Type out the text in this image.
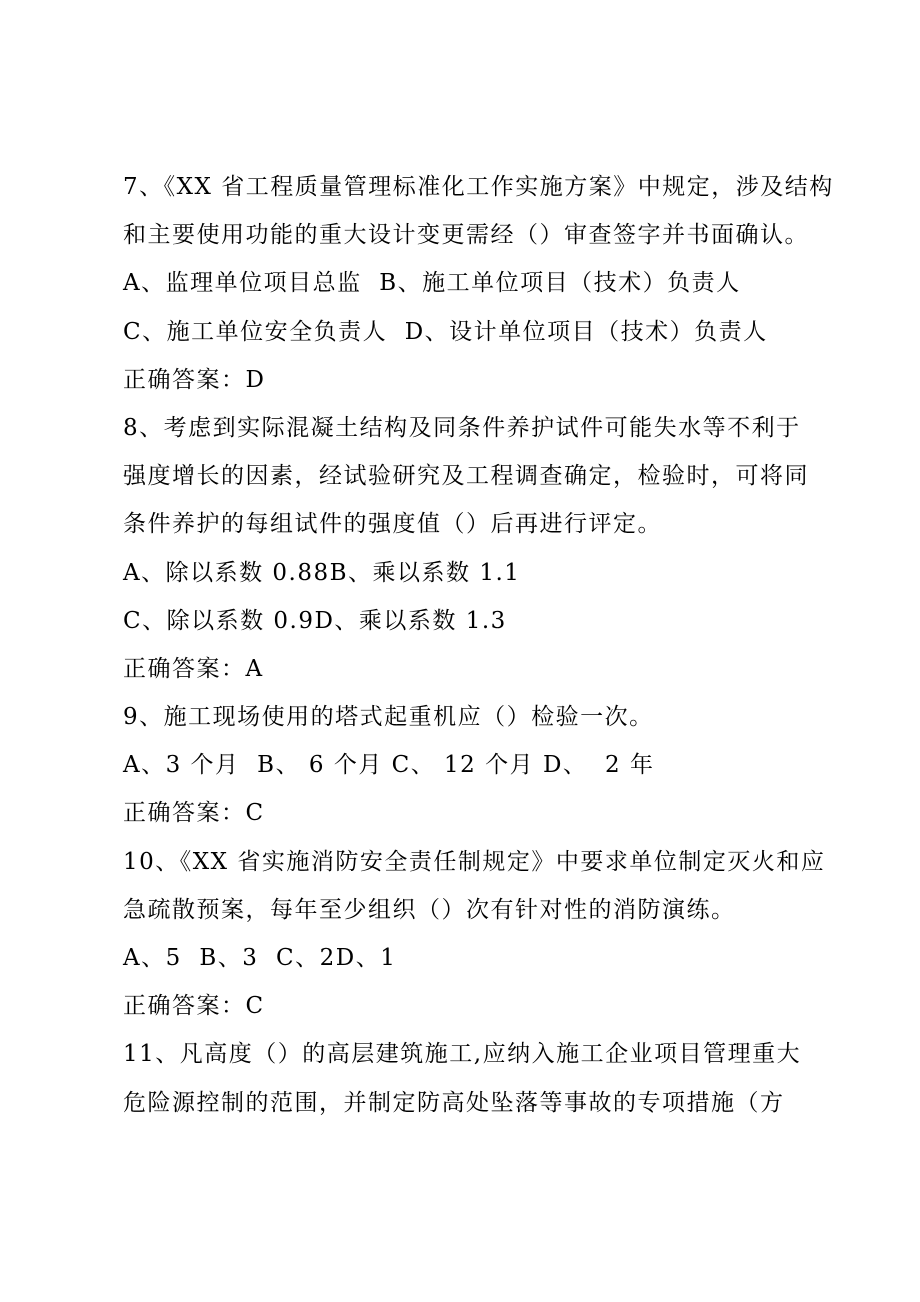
7、《XX 省工程质量管理标准化工作实施方案》中规定，涉及结构
和主要使用功能的重大设计变更需经（）审查签字并书面确认。
A、监理单位项目总监  B、施工单位项目（技术）负责人
C、施工单位安全负责人  D、设计单位项目（技术）负责人
正确答案：D
8、考虑到实际混凝土结构及同条件养护试件可能失水等不利于
强度增长的因素，经试验研究及工程调查确定，检验时，可将同
条件养护的每组试件的强度值（）后再进行评定。
A、除以系数 0.88B、乘以系数 1.1
C、除以系数 0.9D、乘以系数 1.3
正确答案：A
9、施工现场使用的塔式起重机应（）检验一次。
A、3 个月  B、 6 个月 C、 12 个月 D、  2 年
正确答案：C
10、《XX 省实施消防安全责任制规定》中要求单位制定灭火和应
急疏散预案，每年至少组织（）次有针对性的消防演练。
A、5  B、3  C、2D、1
正确答案：C
11、凡高度（）的高层建筑施工,应纳入施工企业项目管理重大
危险源控制的范围，并制定防高处坠落等事故的专项措施（方
